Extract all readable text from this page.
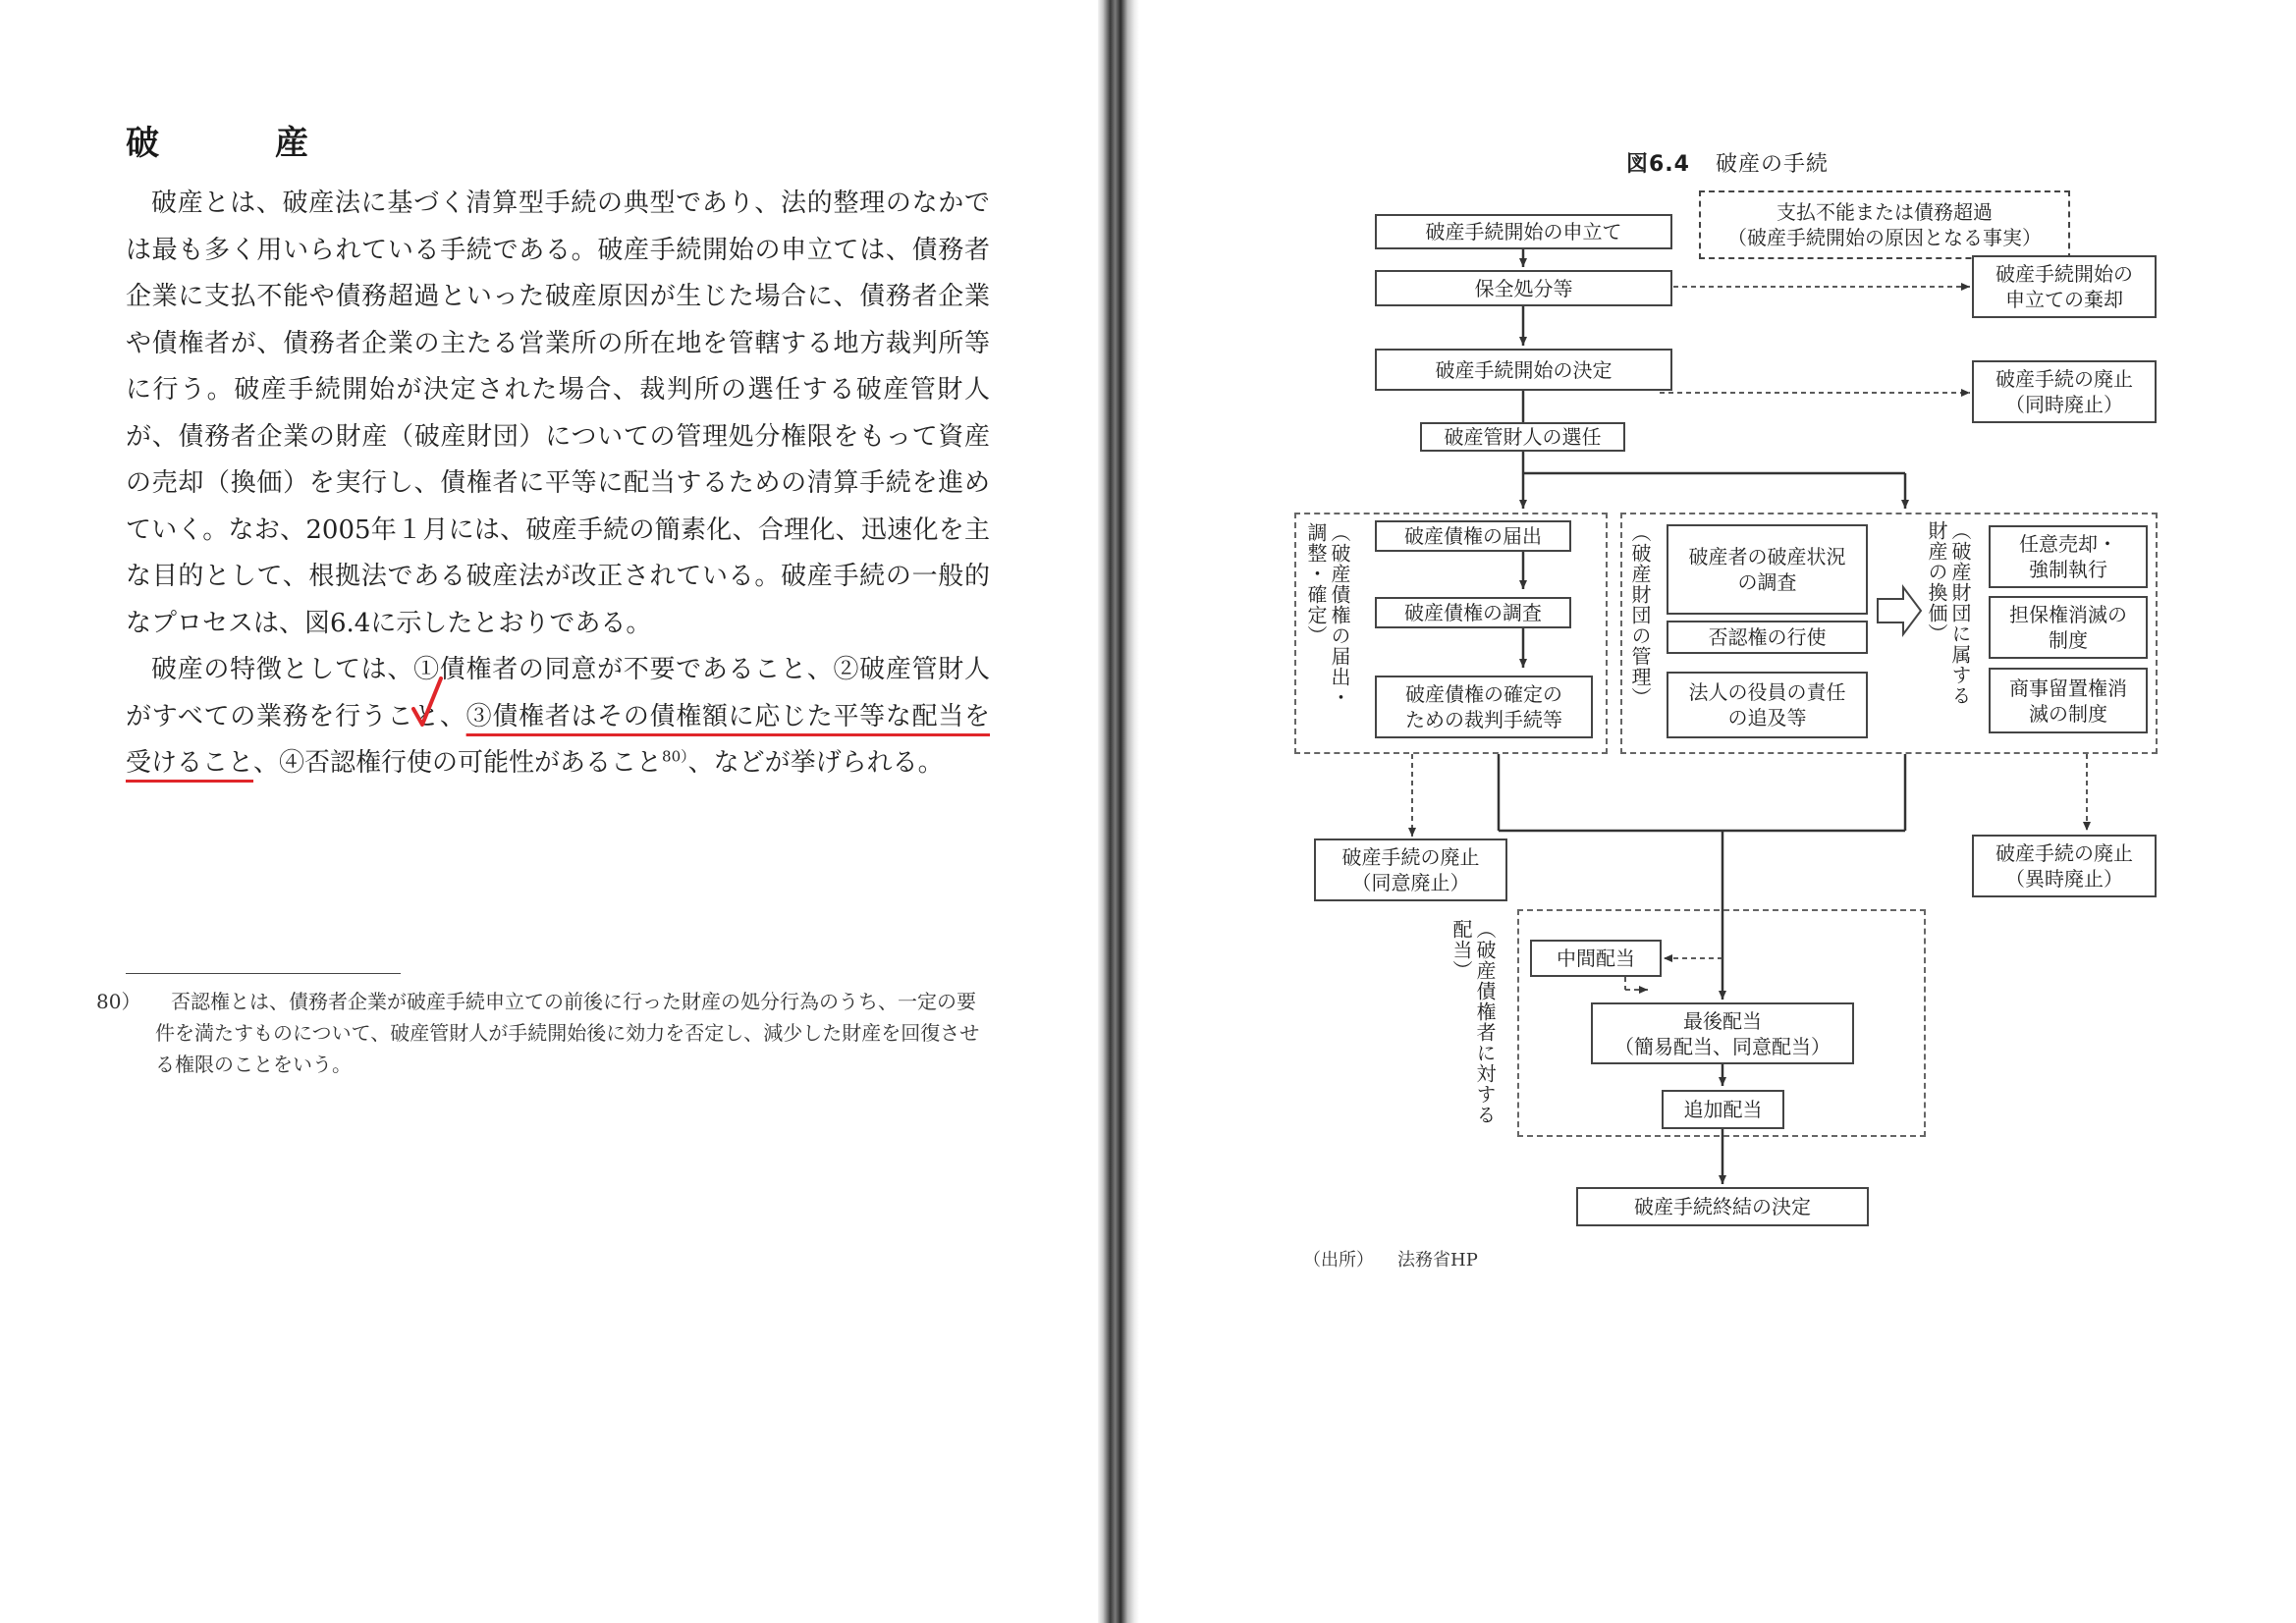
破　産

破産とは、破産法に基づく清算型手続の典型であり、法的整理のなかでは最も多く用いられている手続である。破産手続開始の申立ては、債務者企業に支払不能や債務超過といった破産原因が生じた場合に、債務者企業や債権者が、債務者企業の主たる営業所の所在地を管轄する地方裁判所等に行う。破産手続開始が決定された場合、裁判所の選任する破産管財人が、債務者企業の財産（破産財団）についての管理処分権限をもって資産の売却（換価）を実行し、債権者に平等に配当するための清算手続を進めていく。なお、2005年１月には、破産手続の簡素化、合理化、迅速化を主な目的として、根拠法である破産法が改正されている。破産手続の一般的なプロセスは、図6.4に示したとおりである。

破産の特徴としては、①債権者の同意が不要であること、②破産管財人がすべての業務を行うこと、③債権者はその債権額に応じた平等な配当を受けること、④否認権行使の可能性があること$^{80)}$、などが挙げられる。

80） 否認権とは、債務者企業が破産手続申立ての前後に行った財産の処分行為のうち、一定の要件を満たすものについて、破産管財人が手続開始後に効力を否定し、減少した財産を回復させる権限のことをいう。
図6.4 破産の手続
破産手続開始の申立て
支払不能または債務超過
（破産手続開始の原因となる事実）
保全処分等
破産手続開始の
申立ての棄却
破産手続開始の決定	破産手続の廃止
（同時廃止）
破産管財人の選任
（破産債権の届出・
調整・確定）	破産債権の届出
破産債権の調査
破産債権の確定の
ための裁判手続等
（破産財団の管理）	破産者の破産状況
の調査
否認権の行使
法人の役員の責任
の追及等
（破産財団に属する
財産の換価）	任意売却・
強制執行
担保権消滅の
制度
商事留置権消
滅の制度
破産手続の廃止
（同意廃止）
破産手続の廃止
（異時廃止）
（破産債権者に対する
配当）	中間配当
最後配当
（簡易配当、同意配当）
追加配当
破産手続終結の決定
（出所） 法務省HP
